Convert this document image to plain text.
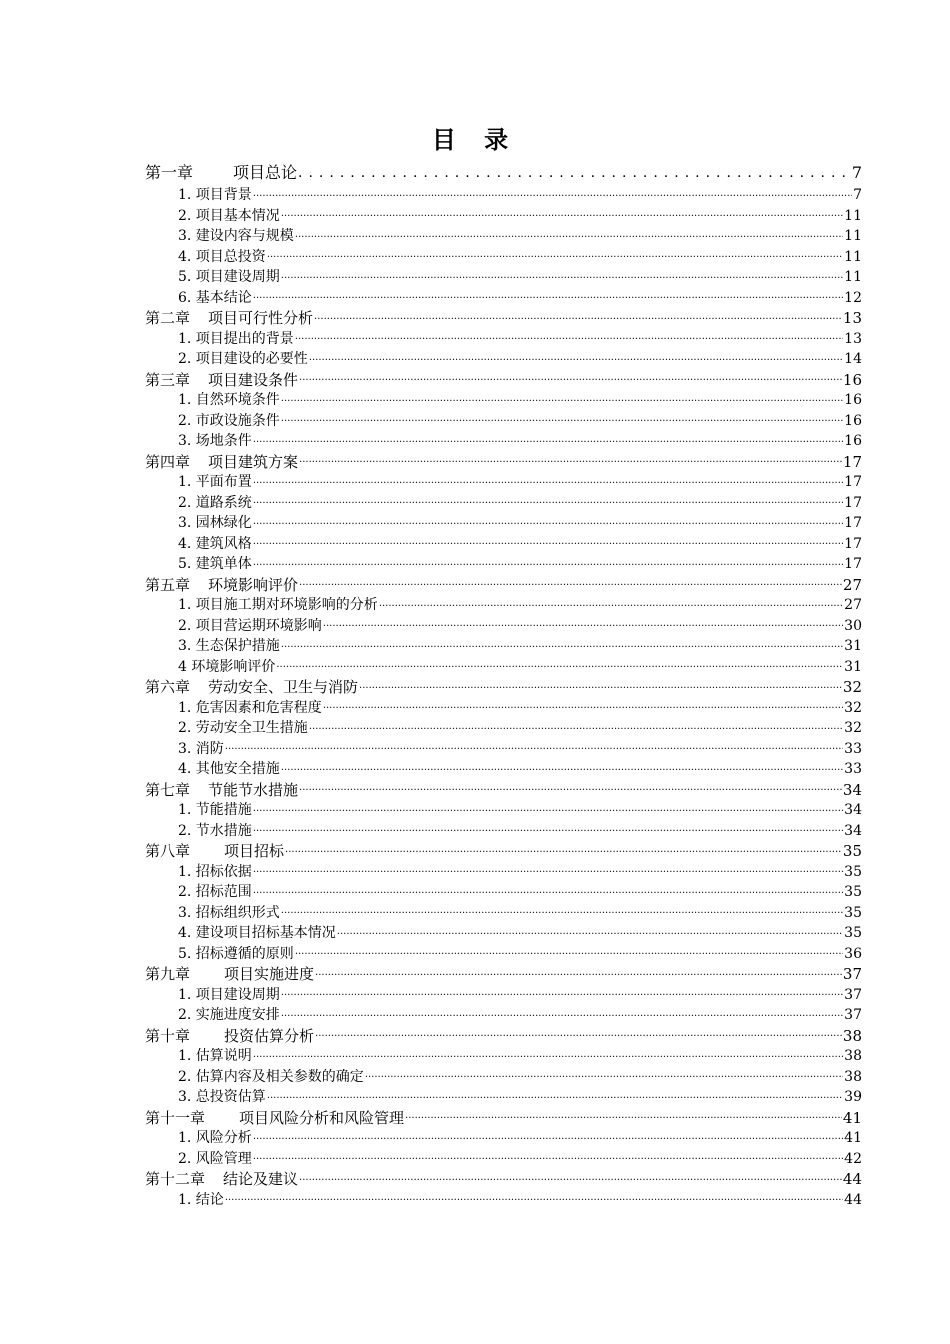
目 录
第一章	项目总论 .....	7
1. 项目背景 .....	7
2. 项目基本情况 .....	11
3. 建设内容与规模 .....	11
4. 项目总投资 .....	11
5. 项目建设周期 .....	11
6. 基本结论 .....	12
第二章 项目可行性分析 .....	13
1. 项目提出的背景 .....	13
2. 项目建设的必要性 .....	14
第三章 项目建设条件 .....	16
1. 自然环境条件 .....	16
2. 市政设施条件 .....	16
3. 场地条件 .....	16
第四章 项目建筑方案 .....	17
1. 平面布置 .....	17
2. 道路系统 .....	17
3. 园林绿化 .....	17
4. 建筑风格 .....	17
5. 建筑单体 .....	17
第五章 环境影响评价 .....	27
1. 项目施工期对环境影响的分析 .....	27
2. 项目营运期环境影响 .....	30
3. 生态保护措施 .....	31
4 环境影响评价 .....	31
第六章 劳动安全、卫生与消防 .....	32
1. 危害因素和危害程度 .....	32
2. 劳动安全卫生措施 .....	32
3. 消防 .....	33
4. 其他安全措施 .....	33
第七章 节能节水措施 .....	34
1. 节能措施 .....	34
2. 节水措施 .....	34
第八章 项目招标 .....	35
1. 招标依据 .....	35
2. 招标范围 .....	35
3. 招标组织形式 .....	35
4. 建设项目招标基本情况 .....	35
5. 招标遵循的原则 .....	36
第九章 项目实施进度 .....	37
1. 项目建设周期 .....	37
2. 实施进度安排 .....	37
第十章 投资估算分析 .....	38
1. 估算说明 .....	38
2. 估算内容及相关参数的确定 .....	38
3. 总投资估算 .....	39
第十一章 项目风险分析和风险管理 .....	41
1. 风险分析 .....	41
2. 风险管理 .....	42
第十二章 结论及建议 .....	44
1. 结论 .....	44
